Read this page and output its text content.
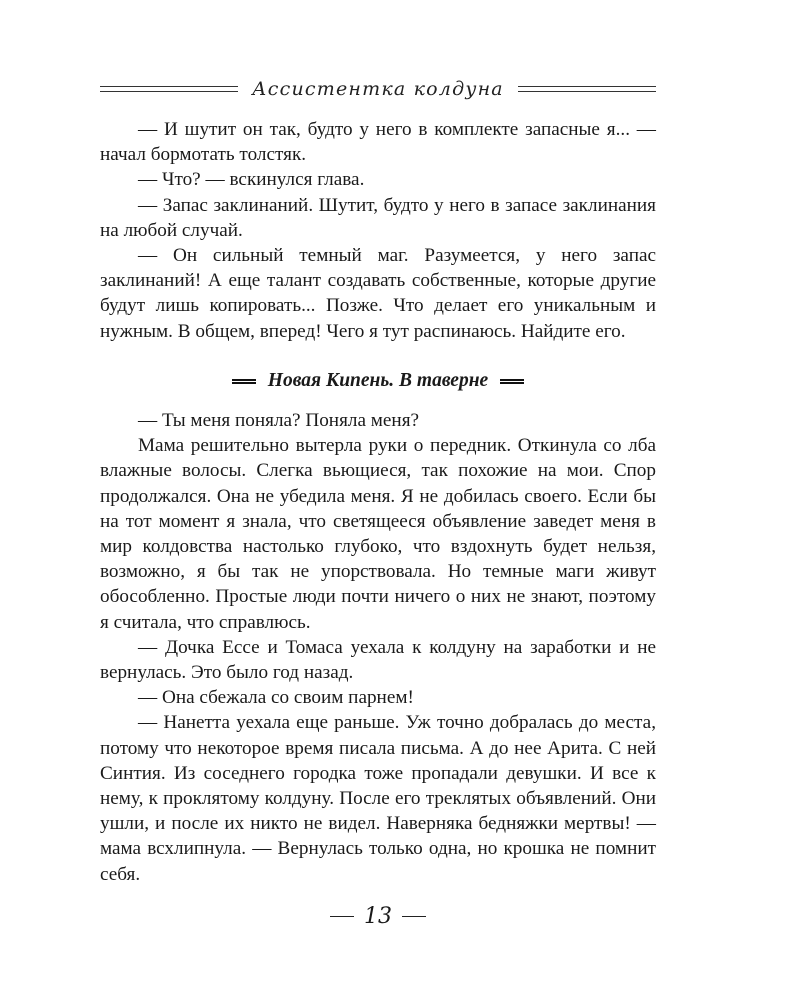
Ассистентка колдуна

— И шутит он так, будто у него в комплекте запасные я... — начал бормотать толстяк.

— Что? — вскинулся глава.

— Запас заклинаний. Шутит, будто у него в запасе заклинания на любой случай.

— Он сильный темный маг. Разумеется, у него запас заклинаний! А еще талант создавать собственные, которые другие будут лишь копировать... Позже. Что делает его уникальным и нужным. В общем, вперед! Чего я тут распинаюсь. Найдите его.

Новая Кипень. В таверне

— Ты меня поняла? Поняла меня?

Мама решительно вытерла руки о передник. Откинула со лба влажные волосы. Слегка вьющиеся, так похожие на мои. Спор продолжался. Она не убедила меня. Я не добилась своего. Если бы на тот момент я знала, что светящееся объявление заведет меня в мир колдовства настолько глубоко, что вздохнуть будет нельзя, возможно, я бы так не упорствовала. Но темные маги живут обособленно. Простые люди почти ничего о них не знают, поэтому я считала, что справлюсь.

— Дочка Ессе и Томаса уехала к колдуну на заработки и не вернулась. Это было год назад.

— Она сбежала со своим парнем!

— Нанетта уехала еще раньше. Уж точно добралась до места, потому что некоторое время писала письма. А до нее Арита. С ней Синтия. Из соседнего городка тоже пропадали девушки. И все к нему, к проклятому колдуну. После его треклятых объявлений. Они ушли, и после их никто не видел. Наверняка бедняжки мертвы! — мама всхлипнула. — Вернулась только одна, но крошка не помнит себя.

13
